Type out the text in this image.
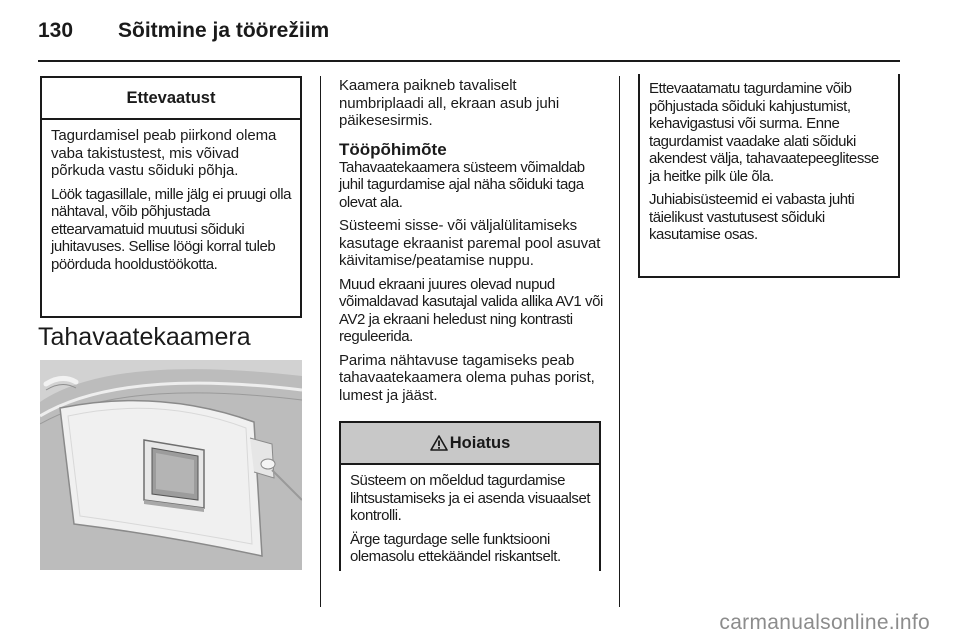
130 Sõitmine ja töörežiim
Ettevaatust

Tagurdamisel peab piirkond olema vaba takistustest, mis võivad põrkuda vastu sõiduki põhja.

Löök tagasillale, mille jälg ei pruugi olla nähtaval, võib põhjustada ettearvamatuid muutusi sõiduki juhitavuses. Sellise löögi korral tuleb pöörduda hooldustöökotta.

Tahavaatekaamera

Kaamera paikneb tavaliselt numbriplaadi all, ekraan asub juhi päikesesirmis.

Tööpõhimõte

Tahavaatekaamera süsteem võimaldab juhil tagurdamise ajal näha sõiduki taga olevat ala.

Süsteemi sisse- või väljalülitamiseks kasutage ekraanist paremal pool asuvat käivitamise/peatamise nuppu.

Muud ekraani juures olevad nupud võimaldavad kasutajal valida allika AV1 või AV2 ja ekraani heledust ning kontrasti reguleerida.

Parima nähtavuse tagamiseks peab tahavaatekaamera olema puhas porist, lumest ja jääst.

Hoiatus

Süsteem on mõeldud tagurdamise lihtsustamiseks ja ei asenda visuaalset kontrolli.

Ärge tagurdage selle funktsiooni olemasolu ettekäändel riskantselt.

Ettevaatamatu tagurdamine võib põhjustada sõiduki kahjustumist, kehavigastusi või surma. Enne tagurdamist vaadake alati sõiduki akendest välja, tahavaatepeeglitesse ja heitke pilk üle õla.

Juhiabisüsteemid ei vabasta juhti täielikust vastutusest sõiduki kasutamise osas.

carmanualsonline.info
